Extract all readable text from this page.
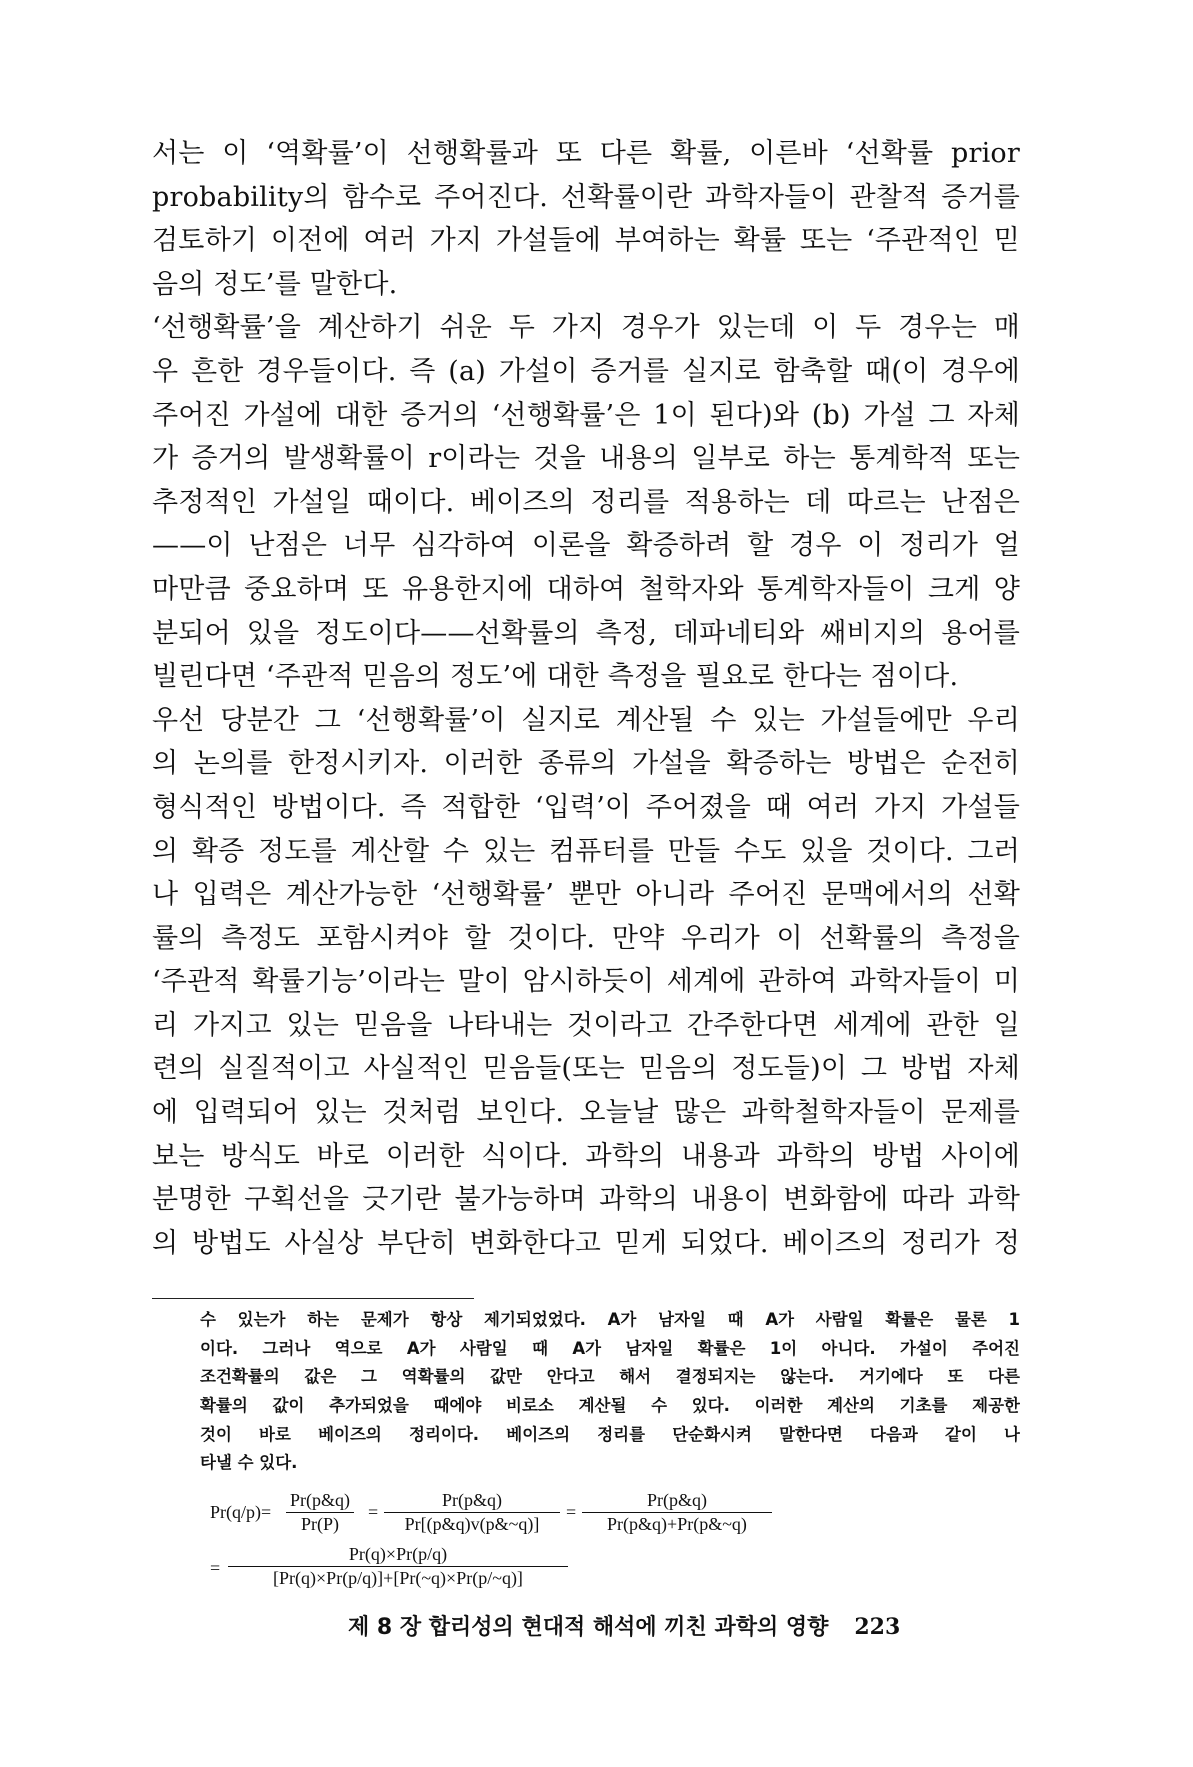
서는 이 ‘역확률’이 선행확률과 또 다른 확률, 이른바 ‘선확률 prior
probability의 함수로 주어진다. 선확률이란 과학자들이 관찰적 증거를
검토하기 이전에 여러 가지 가설들에 부여하는 확률 또는 ‘주관적인 믿
음의 정도’를 말한다.
‘선행확률’을 계산하기 쉬운 두 가지 경우가 있는데 이 두 경우는 매
우 흔한 경우들이다. 즉 (a) 가설이 증거를 실지로 함축할 때(이 경우에
주어진 가설에 대한 증거의 ‘선행확률’은 1이 된다)와 (b) 가설 그 자체
가 증거의 발생확률이 r이라는 것을 내용의 일부로 하는 통계학적 또는
추정적인 가설일 때이다. 베이즈의 정리를 적용하는 데 따르는 난점은
——이 난점은 너무 심각하여 이론을 확증하려 할 경우 이 정리가 얼
마만큼 중요하며 또 유용한지에 대하여 철학자와 통계학자들이 크게 양
분되어 있을 정도이다——선확률의 측정, 데파네티와 쌔비지의 용어를
빌린다면 ‘주관적 믿음의 정도’에 대한 측정을 필요로 한다는 점이다.
우선 당분간 그 ‘선행확률’이 실지로 계산될 수 있는 가설들에만 우리
의 논의를 한정시키자. 이러한 종류의 가설을 확증하는 방법은 순전히
형식적인 방법이다. 즉 적합한 ‘입력’이 주어졌을 때 여러 가지 가설들
의 확증 정도를 계산할 수 있는 컴퓨터를 만들 수도 있을 것이다. 그러
나 입력은 계산가능한 ‘선행확률’ 뿐만 아니라 주어진 문맥에서의 선확
률의 측정도 포함시켜야 할 것이다. 만약 우리가 이 선확률의 측정을
‘주관적 확률기능’이라는 말이 암시하듯이 세계에 관하여 과학자들이 미
리 가지고 있는 믿음을 나타내는 것이라고 간주한다면 세계에 관한 일
련의 실질적이고 사실적인 믿음들(또는 믿음의 정도들)이 그 방법 자체
에 입력되어 있는 것처럼 보인다. 오늘날 많은 과학철학자들이 문제를
보는 방식도 바로 이러한 식이다. 과학의 내용과 과학의 방법 사이에
분명한 구획선을 긋기란 불가능하며 과학의 내용이 변화함에 따라 과학
의 방법도 사실상 부단히 변화한다고 믿게 되었다. 베이즈의 정리가 정
수 있는가 하는 문제가 항상 제기되었었다. A가 남자일 때 A가 사람일 확률은 물론 1
이다. 그러나 역으로 A가 사람일 때 A가 남자일 확률은 1이 아니다. 가설이 주어진
조건확률의 값은 그 역확률의 값만 안다고 해서 결정되지는 않는다. 거기에다 또 다른
확률의 값이 추가되었을 때에야 비로소 계산될 수 있다. 이러한 계산의 기초를 제공한
것이 바로 베이즈의 정리이다. 베이즈의 정리를 단순화시켜 말한다면 다음과 같이 나
타낼 수 있다.
$Pr(q/p)= \frac{Pr(p\&q)}{Pr(P)} = \frac{Pr(p\&q)}{Pr[(p\&q)v(p\&\sim q)]} = \frac{Pr(p\&q)}{Pr(p\&q)+Pr(p\&\sim q)}$
= $\frac{Pr(q)\times Pr(p/q)}{[Pr(q)\times Pr(p/q)]+[Pr(\sim q)\times Pr(p/\sim q)]}$
제 8 장 합리성의 현대적 해석에 끼친 과학의 영향 223
